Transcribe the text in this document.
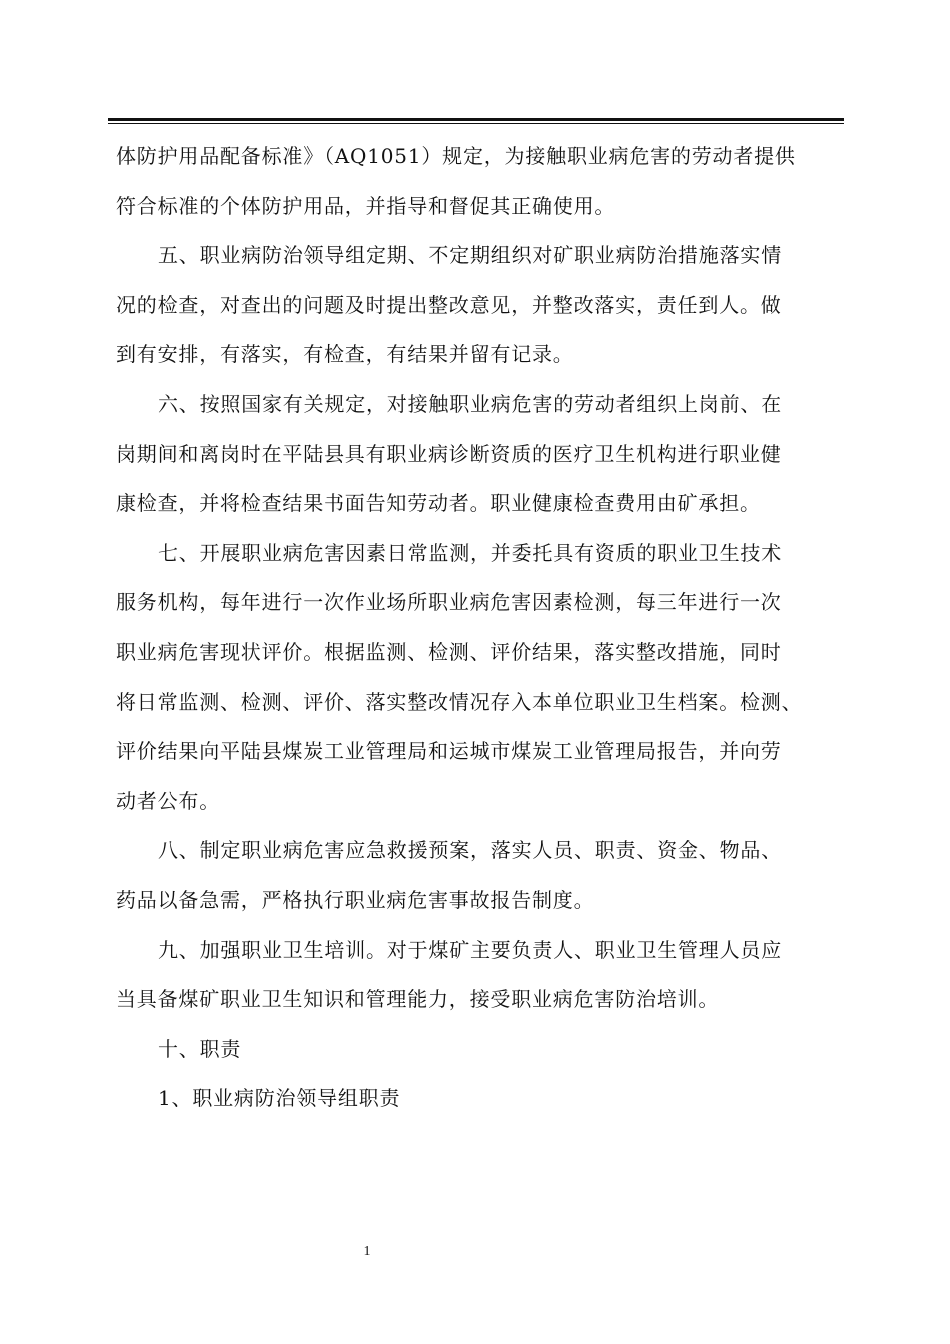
体防护用品配备标准》（AQ1051）规定，为接触职业病危害的劳动者提供
符合标准的个体防护用品，并指导和督促其正确使用。
五、职业病防治领导组定期、不定期组织对矿职业病防治措施落实情
况的检查，对查出的问题及时提出整改意见，并整改落实，责任到人。做
到有安排，有落实，有检查，有结果并留有记录。
六、按照国家有关规定，对接触职业病危害的劳动者组织上岗前、在
岗期间和离岗时在平陆县具有职业病诊断资质的医疗卫生机构进行职业健
康检查，并将检查结果书面告知劳动者。职业健康检查费用由矿承担。
七、开展职业病危害因素日常监测，并委托具有资质的职业卫生技术
服务机构，每年进行一次作业场所职业病危害因素检测，每三年进行一次
职业病危害现状评价。根据监测、检测、评价结果，落实整改措施，同时
将日常监测、检测、评价、落实整改情况存入本单位职业卫生档案。检测、
评价结果向平陆县煤炭工业管理局和运城市煤炭工业管理局报告，并向劳
动者公布。
八、制定职业病危害应急救援预案，落实人员、职责、资金、物品、
药品以备急需，严格执行职业病危害事故报告制度。
九、加强职业卫生培训。对于煤矿主要负责人、职业卫生管理人员应
当具备煤矿职业卫生知识和管理能力，接受职业病危害防治培训。
十、职责
1、职业病防治领导组职责
1
